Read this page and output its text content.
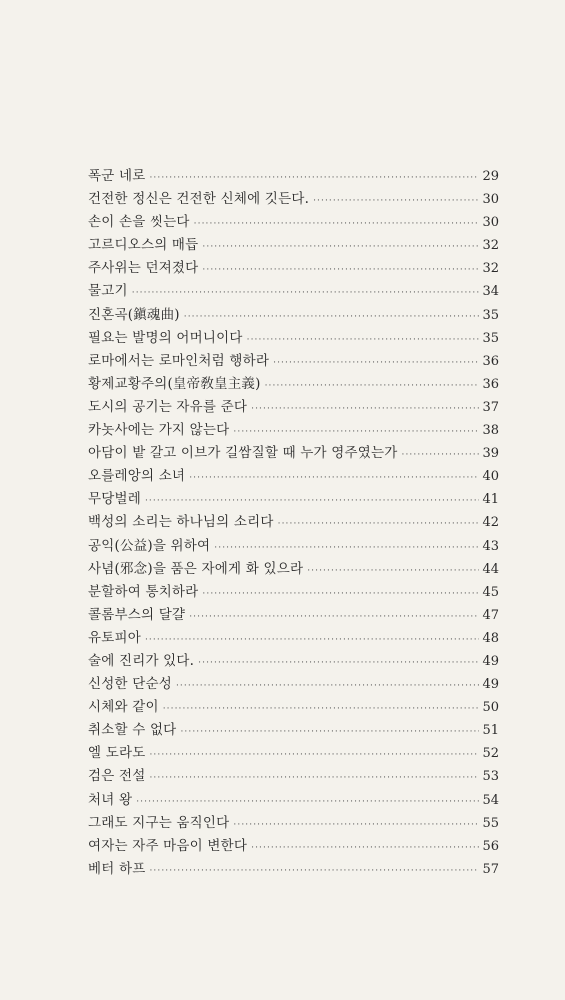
폭군 네로 ·····	29
건전한 정신은 건전한 신체에 깃든다. ·····	30
손이 손을 씻는다 ·····	30
고르디오스의 매듭 ·····	32
주사위는 던져졌다 ·····	32
물고기 ·····	34
진혼곡(鎭魂曲) ·····	35
필요는 발명의 어머니이다 ·····	35
로마에서는 로마인처럼 행하라 ·····	36
황제교황주의(皇帝敎皇主義) ·····	36
도시의 공기는 자유를 준다 ·····	37
카놋사에는 가지 않는다 ·····	38
아담이 밭 갈고 이브가 길쌈질할 때 누가 영주였는가 ·····	39
오를레앙의 소녀 ·····	40
무당벌레 ·····	41
백성의 소리는 하나님의 소리다 ·····	42
공익(公益)을 위하여 ·····	43
사념(邪念)을 품은 자에게 화 있으라 ·····	44
분할하여 통치하라 ·····	45
콜롬부스의 달걀 ·····	47
유토피아 ·····	48
술에 진리가 있다. ·····	49
신성한 단순성 ·····	49
시체와 같이 ·····	50
취소할 수 없다 ·····	51
엘 도라도 ·····	52
검은 전설 ·····	53
처녀 왕 ·····	54
그래도 지구는 움직인다 ·····	55
여자는 자주 마음이 변한다 ·····	56
베터 하프 ·····	57
